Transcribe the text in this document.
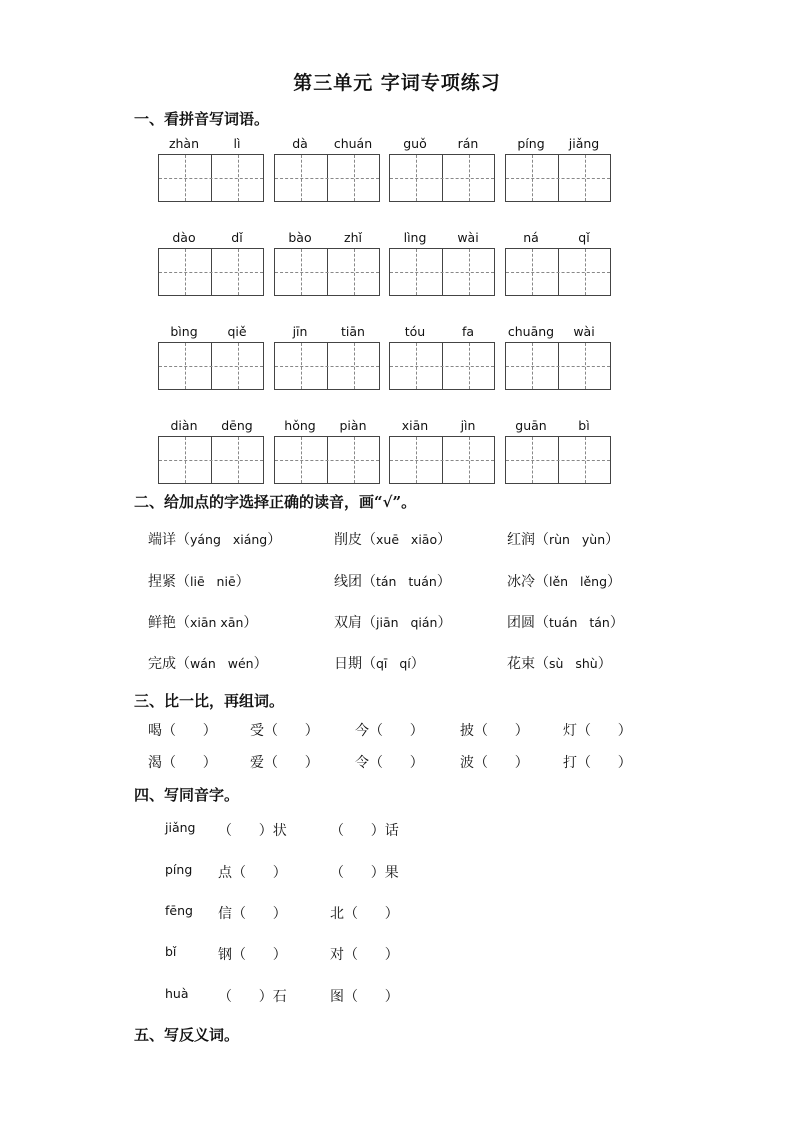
第三单元 字词专项练习
一、看拼音写词语。
zhàn	lì	dà	chuán	guǒ	rán	píng	jiǎng
dào	dǐ	bào	zhǐ	lìng	wài	ná	qǐ
bìng	qiě	jīn	tiān	tóu	fa	chuāng	wài
diàn	dēng	hǒng	piàn	xiān	jìn	guān	bì
二、给加点的字选择正确的读音，画“√”。
端详（yáng   xiáng）	削皮（xuē   xiāo）	红润（rùn   yùn）
捏紧（liē   niē）	线团（tán   tuán）	冰冷（lěn   lěng）
鲜艳（xiān xān）	双肩（jiān   qián）	团圆（tuán   tán）
完成（wán   wén）	日期（qī   qí）	花束（sù   shù）
三、比一比，再组词。
喝（      ） 受（      ）	今（      ）	披（      ） 灯（      ）
渴（      ） 爱（      ）	令（      ）	波（      ） 打（      ）
四、写同音字。
jiǎng （      ）状	（      ）话
píng 点（      ）	（      ）果
fēng 信（      ）	北（      ）
bǐ	钢（      ）	对（      ）
huà （      ）石	图（      ）
五、写反义词。
